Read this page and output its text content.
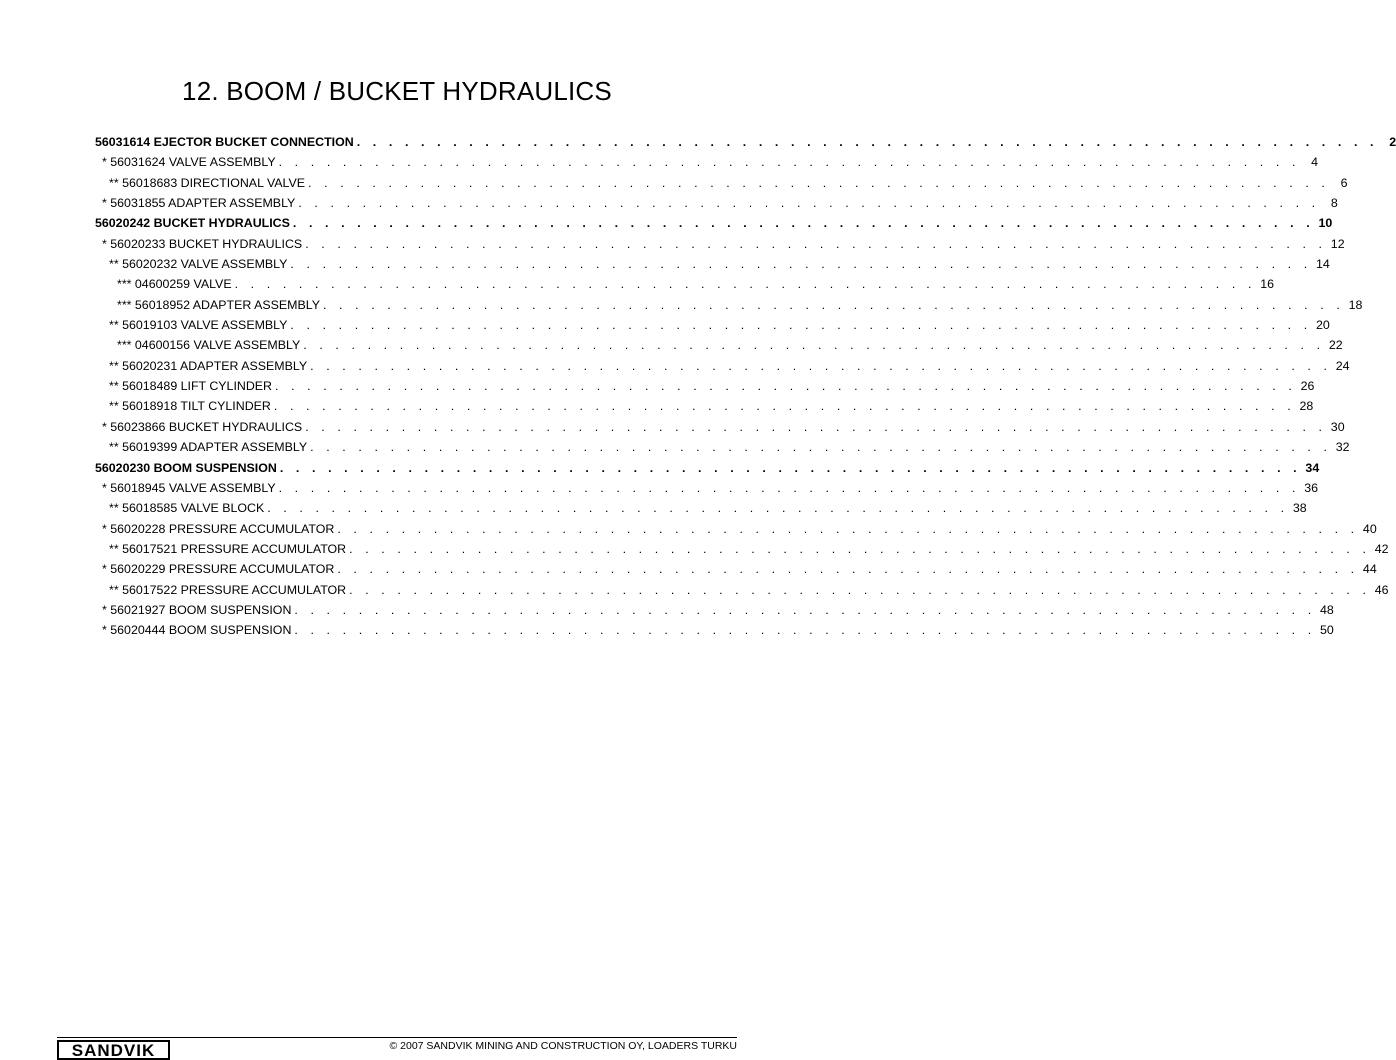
12. BOOM / BUCKET HYDRAULICS
56031614 EJECTOR BUCKET CONNECTION . . . . . . . . . . . . . . . . . . . . . . . . . . . . . . . . . . . . . . . . . . . . . . . . . . . . . . . . . . . . . . . . 2
* 56031624 VALVE ASSEMBLY . . . . . . . . . . . . . . . . . . . . . . . . . . . . . . . . . . . . . . . . . . . . . . . . . . . . . . . . . . . . . . . . 4
** 56018683 DIRECTIONAL VALVE . . . . . . . . . . . . . . . . . . . . . . . . . . . . . . . . . . . . . . . . . . . . . . . . . . . . . . . . . . . . . . . . 6
* 56031855 ADAPTER ASSEMBLY . . . . . . . . . . . . . . . . . . . . . . . . . . . . . . . . . . . . . . . . . . . . . . . . . . . . . . . . . . . . . . . . 8
56020242 BUCKET HYDRAULICS . . . . . . . . . . . . . . . . . . . . . . . . . . . . . . . . . . . . . . . . . . . . . . . . . . . . . . . . . . . . . . . . 10
* 56020233 BUCKET HYDRAULICS . . . . . . . . . . . . . . . . . . . . . . . . . . . . . . . . . . . . . . . . . . . . . . . . . . . . . . . . . . . . . . . . 12
** 56020232 VALVE ASSEMBLY . . . . . . . . . . . . . . . . . . . . . . . . . . . . . . . . . . . . . . . . . . . . . . . . . . . . . . . . . . . . . . . . 14
*** 04600259 VALVE . . . . . . . . . . . . . . . . . . . . . . . . . . . . . . . . . . . . . . . . . . . . . . . . . . . . . . . . . . . . . . . . 16
*** 56018952 ADAPTER ASSEMBLY . . . . . . . . . . . . . . . . . . . . . . . . . . . . . . . . . . . . . . . . . . . . . . . . . . . . . . . . . . . . . . . . 18
** 56019103 VALVE ASSEMBLY . . . . . . . . . . . . . . . . . . . . . . . . . . . . . . . . . . . . . . . . . . . . . . . . . . . . . . . . . . . . . . . . 20
*** 04600156 VALVE ASSEMBLY . . . . . . . . . . . . . . . . . . . . . . . . . . . . . . . . . . . . . . . . . . . . . . . . . . . . . . . . . . . . . . . . 22
** 56020231 ADAPTER ASSEMBLY . . . . . . . . . . . . . . . . . . . . . . . . . . . . . . . . . . . . . . . . . . . . . . . . . . . . . . . . . . . . . . . . 24
** 56018489 LIFT CYLINDER . . . . . . . . . . . . . . . . . . . . . . . . . . . . . . . . . . . . . . . . . . . . . . . . . . . . . . . . . . . . . . . . 26
** 56018918 TILT CYLINDER . . . . . . . . . . . . . . . . . . . . . . . . . . . . . . . . . . . . . . . . . . . . . . . . . . . . . . . . . . . . . . . . 28
* 56023866 BUCKET HYDRAULICS . . . . . . . . . . . . . . . . . . . . . . . . . . . . . . . . . . . . . . . . . . . . . . . . . . . . . . . . . . . . . . . . 30
** 56019399 ADAPTER ASSEMBLY . . . . . . . . . . . . . . . . . . . . . . . . . . . . . . . . . . . . . . . . . . . . . . . . . . . . . . . . . . . . . . . . 32
56020230 BOOM SUSPENSION . . . . . . . . . . . . . . . . . . . . . . . . . . . . . . . . . . . . . . . . . . . . . . . . . . . . . . . . . . . . . . . . 34
* 56018945 VALVE ASSEMBLY . . . . . . . . . . . . . . . . . . . . . . . . . . . . . . . . . . . . . . . . . . . . . . . . . . . . . . . . . . . . . . . . 36
** 56018585 VALVE BLOCK . . . . . . . . . . . . . . . . . . . . . . . . . . . . . . . . . . . . . . . . . . . . . . . . . . . . . . . . . . . . . . . . 38
* 56020228 PRESSURE ACCUMULATOR . . . . . . . . . . . . . . . . . . . . . . . . . . . . . . . . . . . . . . . . . . . . . . . . . . . . . . . . . . . . . . . . 40
** 56017521 PRESSURE ACCUMULATOR . . . . . . . . . . . . . . . . . . . . . . . . . . . . . . . . . . . . . . . . . . . . . . . . . . . . . . . . . . . . . . . . 42
* 56020229 PRESSURE ACCUMULATOR . . . . . . . . . . . . . . . . . . . . . . . . . . . . . . . . . . . . . . . . . . . . . . . . . . . . . . . . . . . . . . . . 44
** 56017522 PRESSURE ACCUMULATOR . . . . . . . . . . . . . . . . . . . . . . . . . . . . . . . . . . . . . . . . . . . . . . . . . . . . . . . . . . . . . . . . 46
* 56021927 BOOM SUSPENSION . . . . . . . . . . . . . . . . . . . . . . . . . . . . . . . . . . . . . . . . . . . . . . . . . . . . . . . . . . . . . . . . 48
* 56020444 BOOM SUSPENSION . . . . . . . . . . . . . . . . . . . . . . . . . . . . . . . . . . . . . . . . . . . . . . . . . . . . . . . . . . . . . . . . 50
SANDVIK	© 2007 SANDVIK MINING AND CONSTRUCTION OY, LOADERS TURKU
